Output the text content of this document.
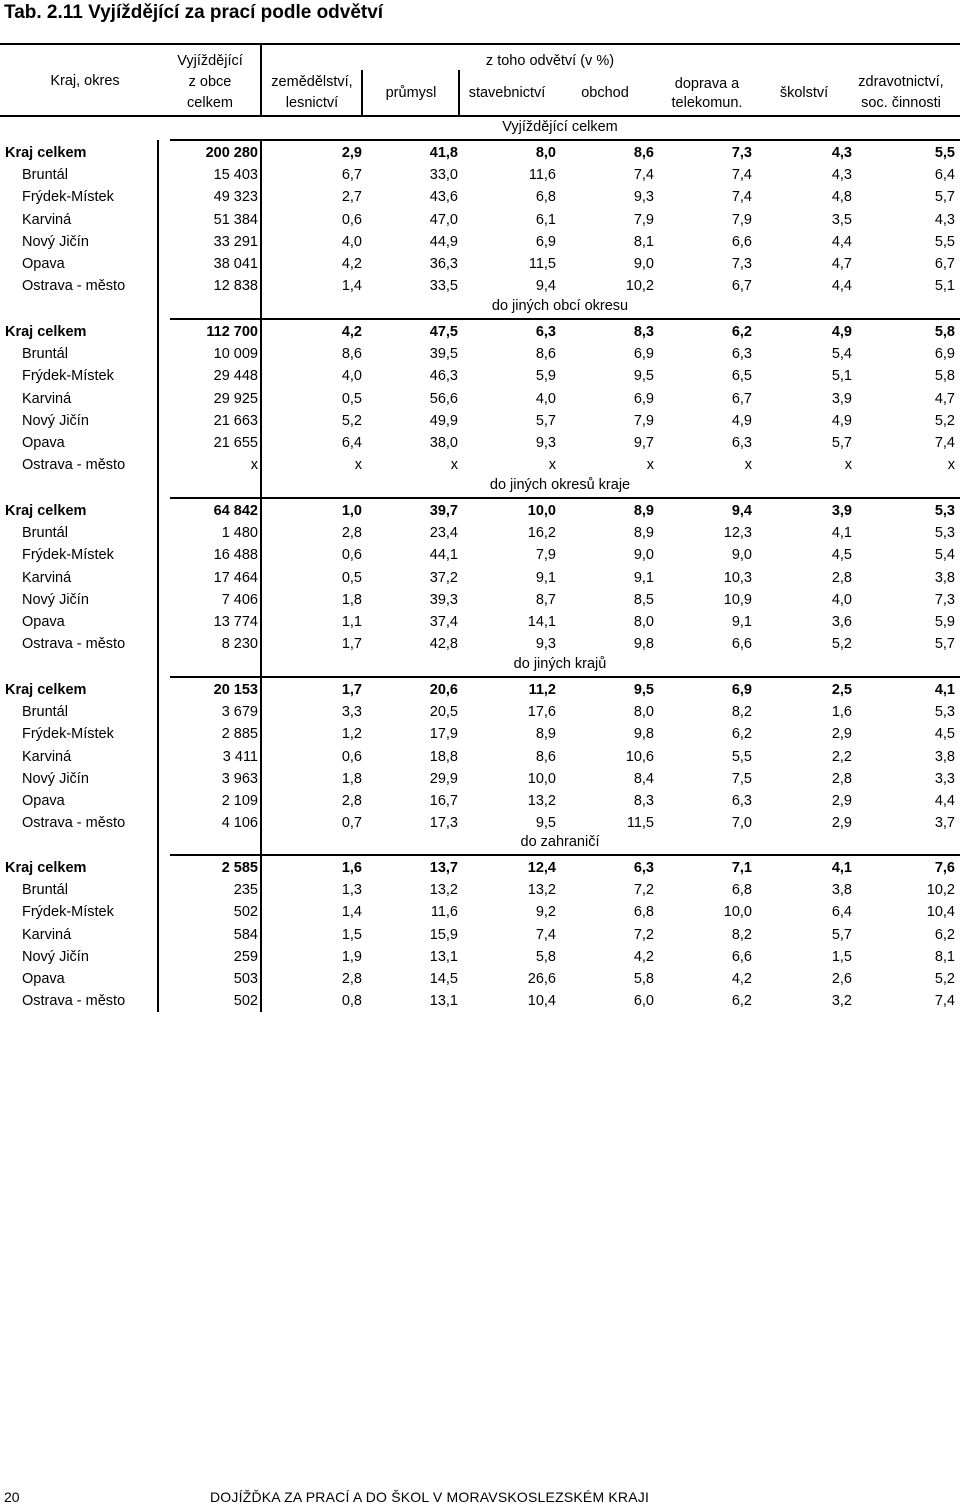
Tab. 2.11 Vyjíždějící za prací podle odvětví
Kraj, okres
Vyjíždějící
z obce
celkem
z toho odvětví (v %)
zemědělství,
lesnictví
průmysl	stavebnictví	obchod
doprava a
telekomun.
školství
zdravotnictví,
soc. činnosti
Vyjíždějící celkem
Kraj celkem	200 280	2,9	41,8	8,0	8,6	7,3	4,3	5,5
Bruntál	15 403	6,7	33,0	11,6	7,4	7,4	4,3	6,4
Frýdek-Místek	49 323	2,7	43,6	6,8	9,3	7,4	4,8	5,7
Karviná	51 384	0,6	47,0	6,1	7,9	7,9	3,5	4,3
Nový Jičín	33 291	4,0	44,9	6,9	8,1	6,6	4,4	5,5
Opava	38 041	4,2	36,3	11,5	9,0	7,3	4,7	6,7
Ostrava - město	12 838	1,4	33,5	9,4	10,2	6,7	4,4	5,1
do jiných obcí okresu
Kraj celkem	112 700	4,2	47,5	6,3	8,3	6,2	4,9	5,8
Bruntál	10 009	8,6	39,5	8,6	6,9	6,3	5,4	6,9
Frýdek-Místek	29 448	4,0	46,3	5,9	9,5	6,5	5,1	5,8
Karviná	29 925	0,5	56,6	4,0	6,9	6,7	3,9	4,7
Nový Jičín	21 663	5,2	49,9	5,7	7,9	4,9	4,9	5,2
Opava	21 655	6,4	38,0	9,3	9,7	6,3	5,7	7,4
Ostrava - město	x	x	x	x	x	x	x	x
do jiných okresů kraje
Kraj celkem	64 842	1,0	39,7	10,0	8,9	9,4	3,9	5,3
Bruntál	1 480	2,8	23,4	16,2	8,9	12,3	4,1	5,3
Frýdek-Místek	16 488	0,6	44,1	7,9	9,0	9,0	4,5	5,4
Karviná	17 464	0,5	37,2	9,1	9,1	10,3	2,8	3,8
Nový Jičín	7 406	1,8	39,3	8,7	8,5	10,9	4,0	7,3
Opava	13 774	1,1	37,4	14,1	8,0	9,1	3,6	5,9
Ostrava - město	8 230	1,7	42,8	9,3	9,8	6,6	5,2	5,7
do jiných krajů
Kraj celkem	20 153	1,7	20,6	11,2	9,5	6,9	2,5	4,1
Bruntál	3 679	3,3	20,5	17,6	8,0	8,2	1,6	5,3
Frýdek-Místek	2 885	1,2	17,9	8,9	9,8	6,2	2,9	4,5
Karviná	3 411	0,6	18,8	8,6	10,6	5,5	2,2	3,8
Nový Jičín	3 963	1,8	29,9	10,0	8,4	7,5	2,8	3,3
Opava	2 109	2,8	16,7	13,2	8,3	6,3	2,9	4,4
Ostrava - město	4 106	0,7	17,3	9,5	11,5	7,0	2,9	3,7
do zahraničí
Kraj celkem	2 585	1,6	13,7	12,4	6,3	7,1	4,1	7,6
Bruntál	235	1,3	13,2	13,2	7,2	6,8	3,8	10,2
Frýdek-Místek	502	1,4	11,6	9,2	6,8	10,0	6,4	10,4
Karviná	584	1,5	15,9	7,4	7,2	8,2	5,7	6,2
Nový Jičín	259	1,9	13,1	5,8	4,2	6,6	1,5	8,1
Opava	503	2,8	14,5	26,6	5,8	4,2	2,6	5,2
Ostrava - město	502	0,8	13,1	10,4	6,0	6,2	3,2	7,4
20	DOJÍŽĎKA ZA PRACÍ A DO ŠKOL V MORAVSKOSLEZSKÉM KRAJI
